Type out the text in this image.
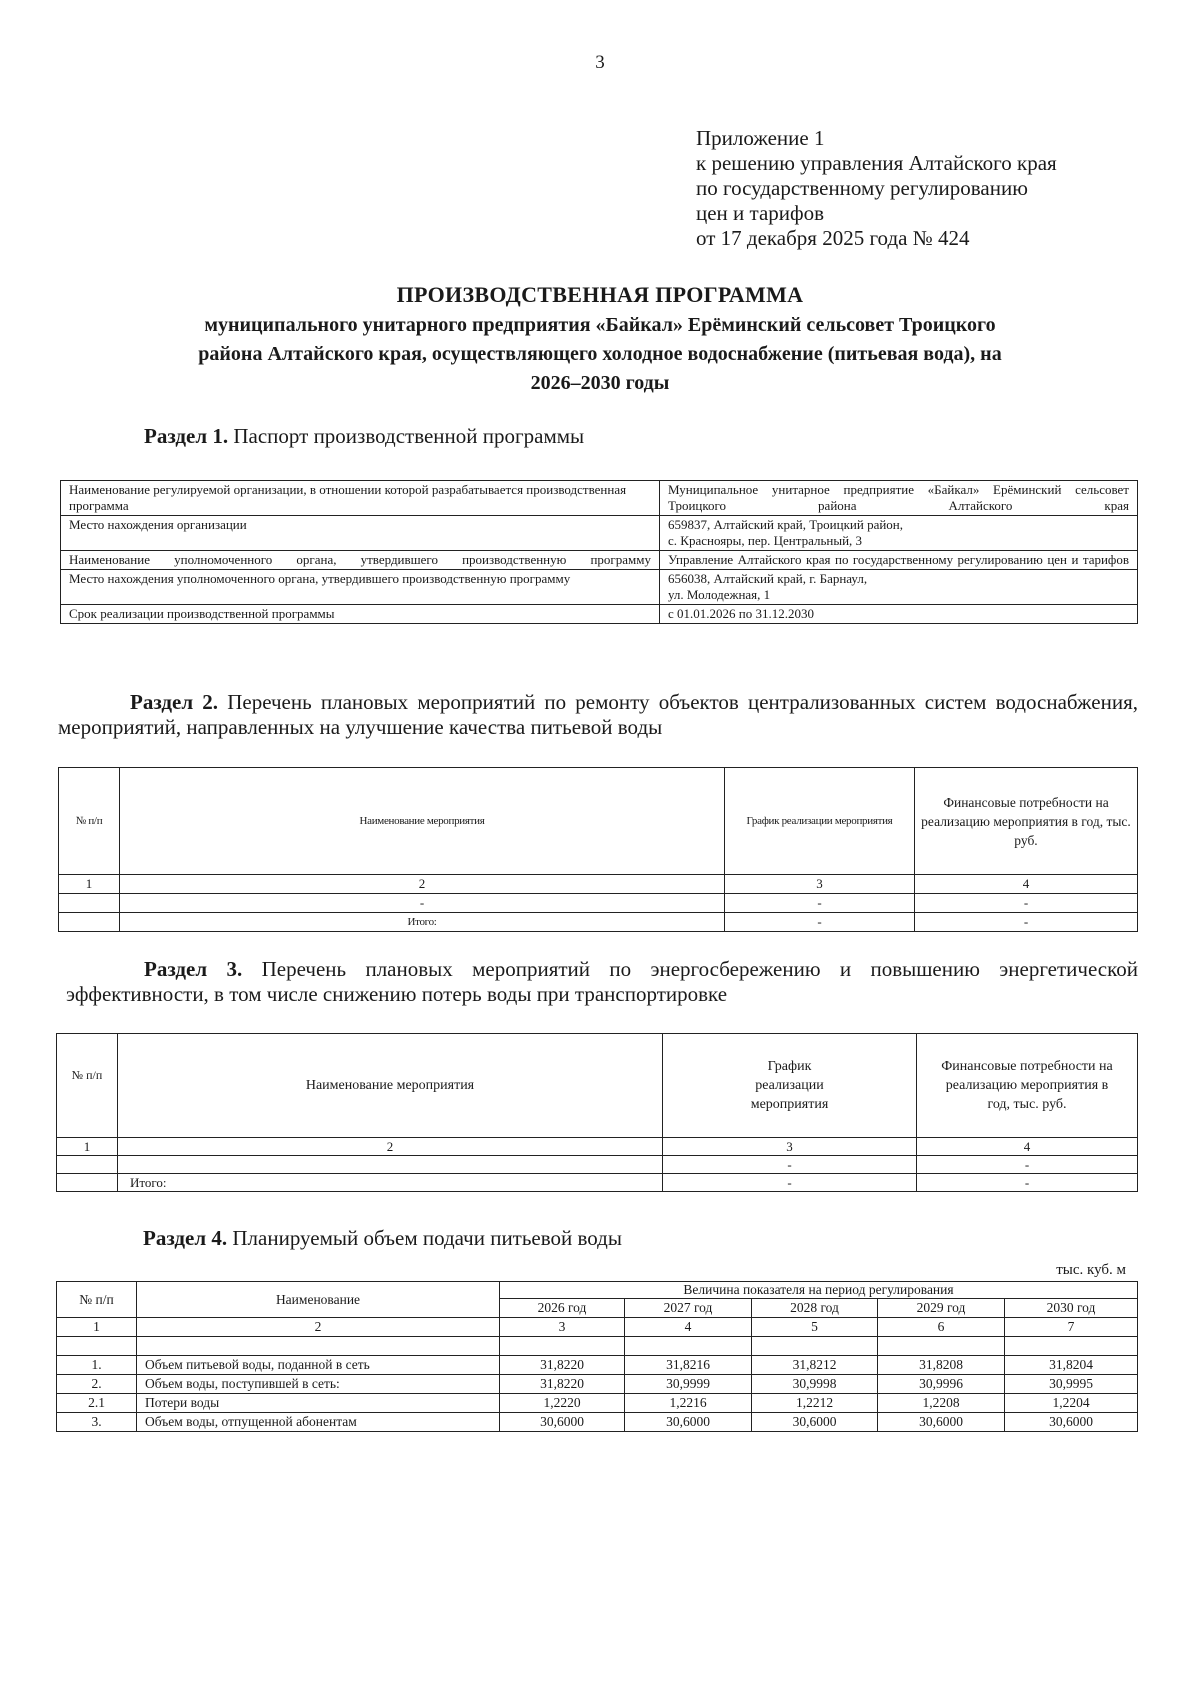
3
Приложение 1
к решению управления Алтайского края
по государственному регулированию
цен и тарифов
от 17 декабря 2025 года № 424
ПРОИЗВОДСТВЕННАЯ ПРОГРАММА
муниципального унитарного предприятия «Байкал» Ерёминский сельсовет Троицкого
района Алтайского края, осуществляющего холодное водоснабжение (питьевая вода), на
2026–2030 годы
Раздел 1. Паспорт производственной программы
Наименование регулируемой организации, в отношении которой разрабатывается производственная программа	Муниципальное унитарное предприятие «Байкал» Ерёминский сельсовет Троицкого района Алтайского края
Место нахождения организации	659837, Алтайский край, Троицкий район,
с. Краснояры, пер. Центральный, 3

Наименование уполномоченного органа, утвердившего производственную программу	Управление Алтайского края по государственному регулированию цен и тарифов
Место нахождения уполномоченного органа, утвердившего производственную программу	656038, Алтайский край, г. Барнаул,
ул. Молодежная, 1

Срок реализации производственной программы	с 01.01.2026 по 31.12.2030
Раздел 2. Перечень плановых мероприятий по ремонту объектов централизованных систем водоснабжения, мероприятий, направленных на улучшение качества питьевой воды
№ п/п	Наименование мероприятия	График реализации мероприятия	Финансовые потребности на реализацию мероприятия в год, тыс. руб.
1	2	3	4
	-	-	-
	Итого:	-	-
Раздел 3. Перечень плановых мероприятий по энергосбережению и повышению энергетической эффективности, в том числе снижению потерь воды при транспортировке
№ п/п	Наименование мероприятия	График реализации мероприятия	Финансовые потребности на реализацию мероприятия в год, тыс. руб.
1	2	3	4
		-	-
	Итого:	-	-
Раздел 4. Планируемый объем подачи питьевой воды
тыс. куб. м
№ п/п	Наименование	Величина показателя на период регулирования				
		2026 год	2027 год	2028 год	2029 год	2030 год
1	2	3	4	5	6	7

1.	Объем питьевой воды, поданной в сеть	31,8220	31,8216	31,8212	31,8208	31,8204
2.	Объем воды, поступившей в сеть:	31,8220	30,9999	30,9998	30,9996	30,9995
2.1	Потери воды	1,2220	1,2216	1,2212	1,2208	1,2204
3.	Объем воды, отпущенной абонентам	30,6000	30,6000	30,6000	30,6000	30,6000
